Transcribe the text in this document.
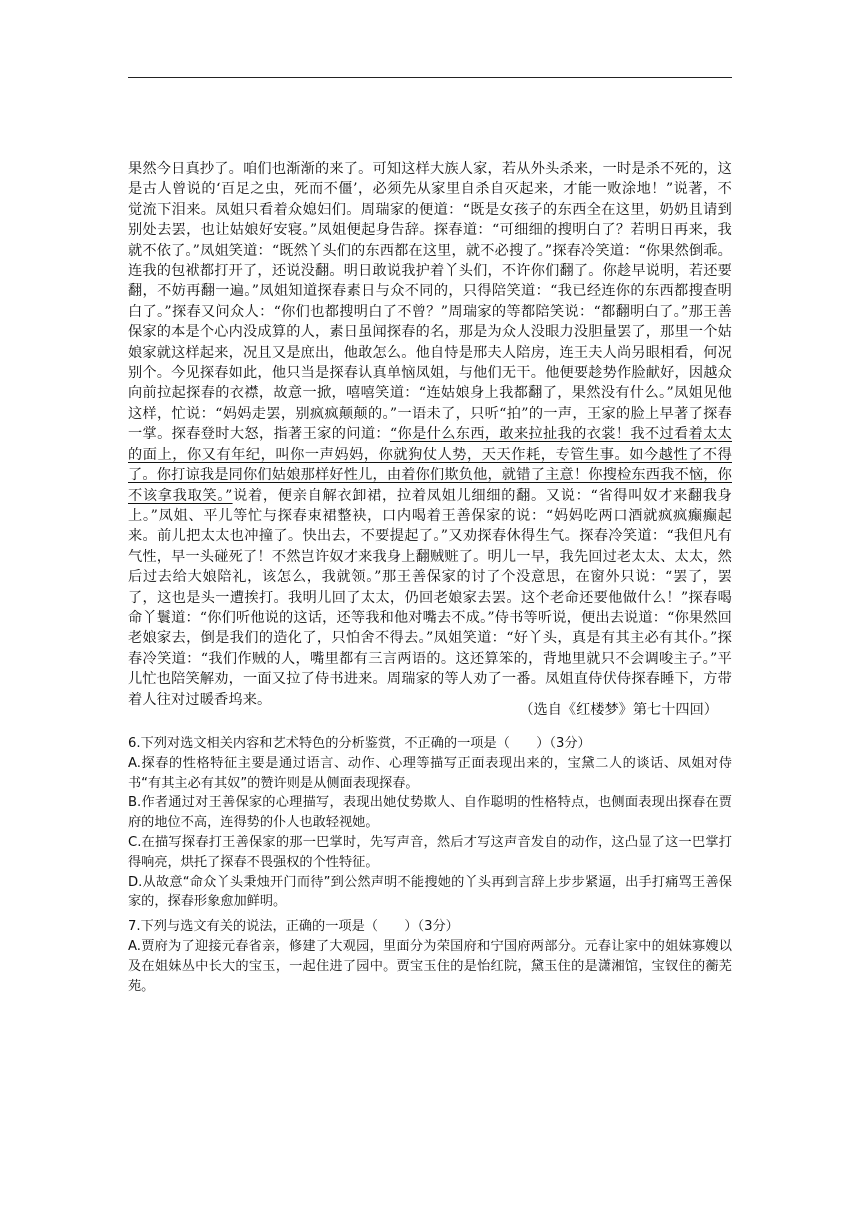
果然今日真抄了。咱们也渐渐的来了。可知这样大族人家，若从外头杀来，一时是杀不死的，这是古人曾说的‘百足之虫，死而不僵’，必须先从家里自杀自灭起来，才能一败涂地！”说著，不觉流下泪来。凤姐只看着众媳妇们。周瑞家的便道：“既是女孩子的东西全在这里，奶奶且请到别处去罢，也让姑娘好安寝。”凤姐便起身告辞。探春道：“可细细的搜明白了？若明日再来，我就不依了。”凤姐笑道：“既然丫头们的东西都在这里，就不必搜了。”探春冷笑道：“你果然倒乖。连我的包袱都打开了，还说没翻。明日敢说我护着丫头们，不许你们翻了。你趁早说明，若还要翻，不妨再翻一遍。”凤姐知道探春素日与众不同的，只得陪笑道：“我已经连你的东西都搜查明白了。”探春又问众人：“你们也都搜明白了不曾？”周瑞家的等都陪笑说：“都翻明白了。”那王善保家的本是个心内没成算的人，素日虽闻探春的名，那是为众人没眼力没胆量罢了，那里一个姑娘家就这样起来，况且又是庶出，他敢怎么。他自恃是邢夫人陪房，连王夫人尚另眼相看，何况别个。今见探春如此，他只当是探春认真单恼凤姐，与他们无干。他便要趁势作脸献好，因越众向前拉起探春的衣襟，故意一掀，嘻嘻笑道：“连姑娘身上我都翻了，果然没有什么。”凤姐见他这样，忙说：“妈妈走罢，别疯疯颠颠的。”一语未了，只听“拍”的一声，王家的脸上早著了探春一掌。探春登时大怒，指著王家的问道：“你是什么东西，敢来拉扯我的衣裳！我不过看着太太的面上，你又有年纪，叫你一声妈妈，你就狗仗人势，天天作耗，专管生事。如今越性了不得了。你打谅我是同你们姑娘那样好性儿，由着你们欺负他，就错了主意！你搜检东西我不恼，你不该拿我取笑。”说着，便亲自解衣卸裙，拉着凤姐儿细细的翻。又说：“省得叫奴才来翻我身上。”凤姐、平儿等忙与探春束裙整袂，口内喝着王善保家的说：“妈妈吃两口酒就疯疯癫癫起来。前儿把太太也冲撞了。快出去，不要提起了。”又劝探春休得生气。探春冷笑道：“我但凡有气性，早一头碰死了！不然岂许奴才来我身上翻贼赃了。明儿一早，我先回过老太太、太太，然后过去给大娘陪礼，该怎么，我就领。”那王善保家的讨了个没意思，在窗外只说：“罢了，罢了，这也是头一遭挨打。我明儿回了太太，仍回老娘家去罢。这个老命还要他做什么！”探春喝命丫鬟道：“你们听他说的这话，还等我和他对嘴去不成。”侍书等听说，便出去说道：“你果然回老娘家去，倒是我们的造化了，只怕舍不得去。”凤姐笑道：“好丫头，真是有其主必有其仆。”探春冷笑道：“我们作贼的人，嘴里都有三言两语的。这还算笨的，背地里就只不会调唆主子。”平儿忙也陪笑解劝，一面又拉了侍书进来。周瑞家的等人劝了一番。凤姐直侍伏侍探春睡下，方带着人往对过暖香坞来。

（选自《红楼梦》第七十四回）

6.下列对选文相关内容和艺术特色的分析鉴赏，不正确的一项是（　　）（3分）

A.探春的性格特征主要是通过语言、动作、心理等描写正面表现出来的，宝黛二人的谈话、凤姐对侍书“有其主必有其奴”的赞许则是从侧面表现探春。

B.作者通过对王善保家的心理描写，表现出她仗势欺人、自作聪明的性格特点，也侧面表现出探春在贾府的地位不高，连得势的仆人也敢轻视她。

C.在描写探春打王善保家的那一巴掌时，先写声音，然后才写这声音发自的动作，这凸显了这一巴掌打得响亮，烘托了探春不畏强权的个性特征。

D.从故意“命众丫头秉烛开门而待”到公然声明不能搜她的丫头再到言辞上步步紧逼，出手打痛骂王善保家的，探春形象愈加鲜明。

7.下列与选文有关的说法，正确的一项是（　　）（3分）

A.贾府为了迎接元春省亲，修建了大观园，里面分为荣国府和宁国府两部分。元春让家中的姐妹寡嫂以及在姐妹丛中长大的宝玉，一起住进了园中。贾宝玉住的是怡红院，黛玉住的是潇湘馆，宝钗住的蘅芜苑。
